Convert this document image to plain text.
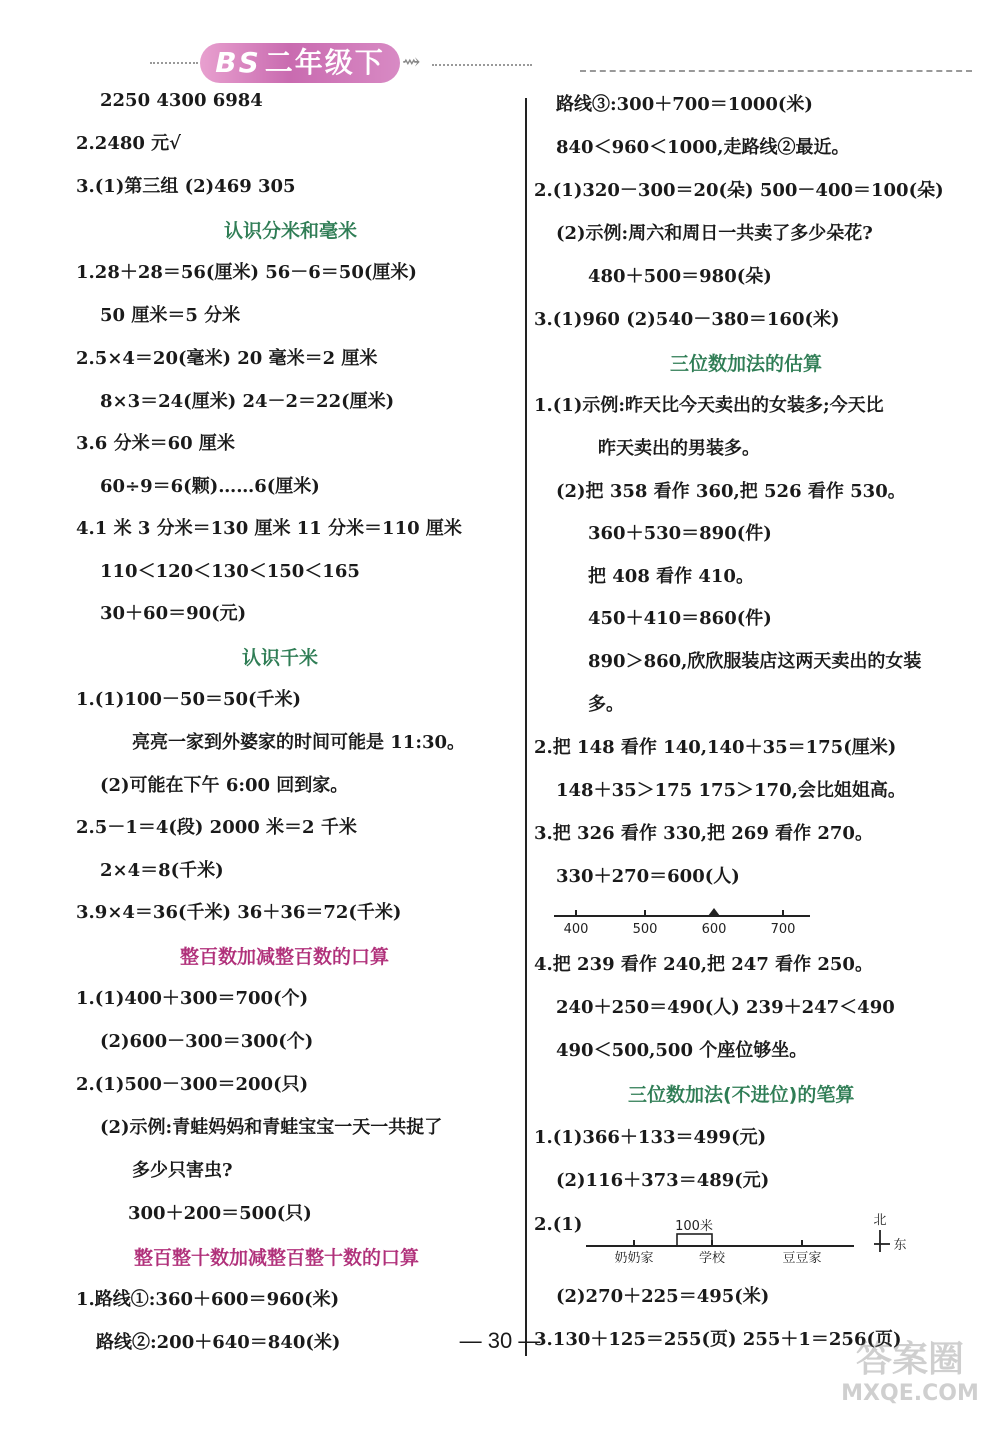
BS 二年级下 ⇝
2250 4300 6984
2.2480 元√
3.(1)第三组 (2)469 305
认识分米和毫米
1.28＋28＝56(厘米) 56－6＝50(厘米)
50 厘米＝5 分米
2.5×4＝20(毫米) 20 毫米＝2 厘米
8×3＝24(厘米) 24－2＝22(厘米)
3.6 分米＝60 厘米
60÷9＝6(颗)……6(厘米)
4.1 米 3 分米＝130 厘米 11 分米＝110 厘米
110＜120＜130＜150＜165
30＋60＝90(元)
认识千米
1.(1)100－50＝50(千米)
亮亮一家到外婆家的时间可能是 11:30。
(2)可能在下午 6:00 回到家。
2.5－1＝4(段) 2000 米＝2 千米
2×4＝8(千米)
3.9×4＝36(千米) 36＋36＝72(千米)
整百数加减整百数的口算
1.(1)400＋300＝700(个)
(2)600－300＝300(个)
2.(1)500－300＝200(只)
(2)示例:青蛙妈妈和青蛙宝宝一天一共捉了
多少只害虫?
300＋200＝500(只)
整百整十数加减整百整十数的口算
1.路线①:360＋600＝960(米)
路线②:200＋640＝840(米)
路线③:300＋700＝1000(米)
840＜960＜1000,走路线②最近。
2.(1)320－300＝20(朵) 500－400＝100(朵)
(2)示例:周六和周日一共卖了多少朵花?
480＋500＝980(朵)
3.(1)960 (2)540－380＝160(米)
三位数加法的估算
1.(1)示例:昨天比今天卖出的女装多;今天比
昨天卖出的男装多。
(2)把 358 看作 360,把 526 看作 530。
360＋530＝890(件)
把 408 看作 410。
450＋410＝860(件)
890＞860,欣欣服装店这两天卖出的女装
多。
2.把 148 看作 140,140＋35＝175(厘米)
148＋35＞175 175＞170,会比姐姐高。
3.把 326 看作 330,把 269 看作 270。
330＋270＝600(人)
400	500	600	700
4.把 239 看作 240,把 247 看作 250。
240＋250＝490(人) 239＋247＜490
490＜500,500 个座位够坐。
三位数加法(不进位)的笔算
1.(1)366＋133＝499(元)
(2)116＋373＝489(元)
2.(1)	100米
奶奶家	学校	豆豆家
北
东
(2)270＋225＝495(米)
3.130＋125＝255(页) 255＋1＝256(页)
— 30 —	答案圈
MXQE.COM
